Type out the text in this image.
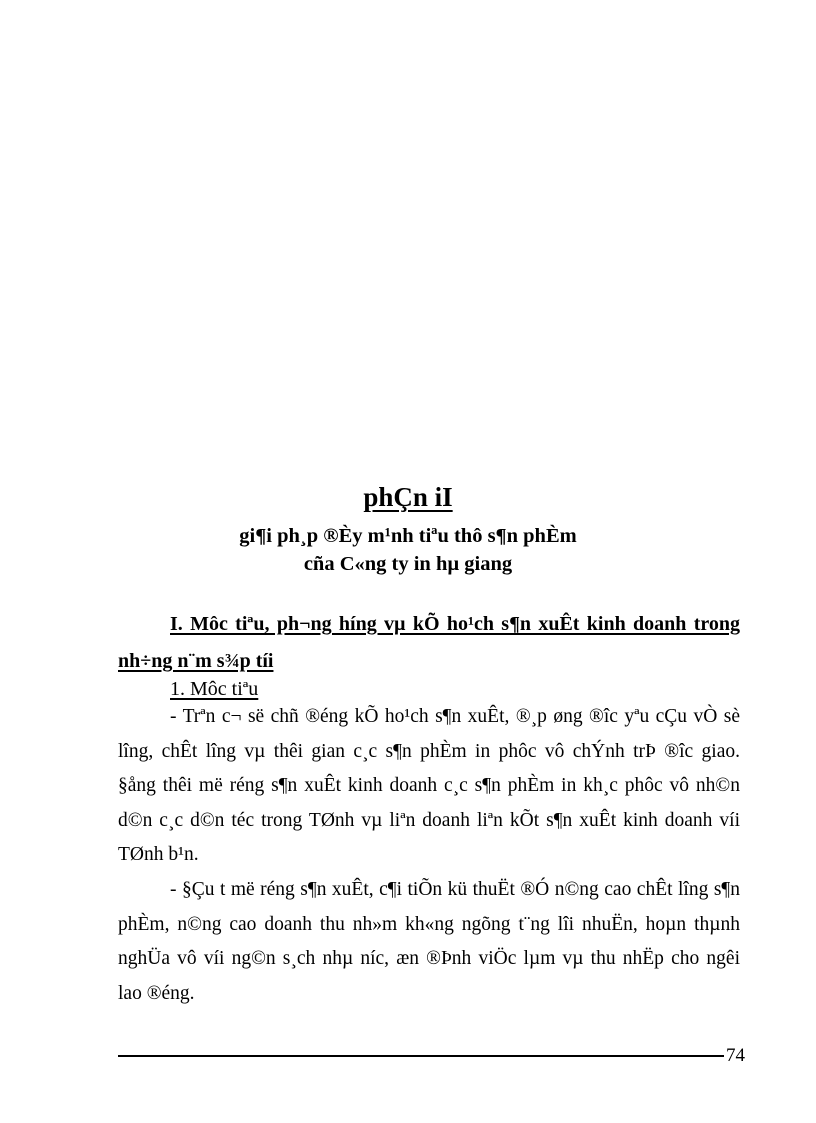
phÇn iI
gi¶i ph¸p ®Èy m¹nh tiªu thô s¶n phÈm
cña C«ng ty in hµ giang
I. Môc tiªu, ph¬ng híng vµ kÕ ho¹ch s¶n xuÊt kinh doanh trong
nh÷ng n¨m s¾p tíi
1. Môc tiªu
- Trªn c¬ së chñ ®éng kÕ ho¹ch s¶n xuÊt, ®¸p øng ®îc yªu cÇu vÒ sè
lîng, chÊt lîng vµ thêi gian c¸c s¶n phÈm in phôc vô chÝnh trÞ ®îc giao.
§ång thêi më réng s¶n xuÊt kinh doanh c¸c s¶n phÈm in kh¸c phôc vô nh©n
d©n c¸c d©n téc trong TØnh vµ liªn doanh liªn kÕt s¶n xuÊt kinh doanh víi
TØnh b¹n.
- §Çu t më réng s¶n xuÊt, c¶i tiÕn kü thuËt ®Ó n©ng cao chÊt lîng s¶n
phÈm, n©ng cao doanh thu nh»m kh«ng ngõng t¨ng lîi nhuËn, hoµn thµnh
nghÜa vô víi ng©n s¸ch nhµ níc, æn ®Þnh viÖc lµm vµ thu nhËp cho ngêi
lao ®éng.
74
